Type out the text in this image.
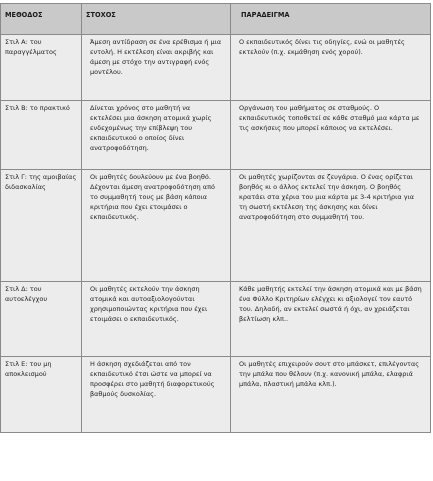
ΜΕΘΟΔΟΣ	ΣΤΟΧΟΣ	ΠΑΡΑΔΕΙΓΜΑ
Στιλ Α: του παραγγέλματος	Άμεση αντίδραση σε ένα ερέθισμα ή μια εντολή. Η εκτέλεση είναι ακριβής και άμεση με στόχο την αντιγραφή ενός μοντέλου.	Ο εκπαιδευτικός δίνει τις οδηγίες, ενώ οι μαθητές εκτελούν (π.χ. εκμάθηση ενός χορού).
Στιλ Β: το πρακτικό	Δίνεται χρόνος στο μαθητή να εκτελέσει μια άσκηση ατομικά χωρίς ενδεχομένως την επίβλεψη του εκπαιδευτικού ο οποίος δίνει ανατροφοδότηση.	Οργάνωση του μαθήματος σε σταθμούς. Ο εκπαιδευτικός τοποθετεί σε κάθε σταθμό μια κάρτα με τις ασκήσεις που μπορεί κάποιος να εκτελέσει.
Στιλ Γ: της αμοιβαίας διδασκαλίας	Οι μαθητές δουλεύουν με ένα βοηθό. Δέχονται άμεση ανατροφοδότηση από το συμμαθητή τους με βάση κάποια κριτήρια που έχει ετοιμάσει ο εκπαιδευτικός.	Οι μαθητές χωρίζονται σε ζευγάρια. Ο ένας ορίζεται βοηθός κι ο άλλος εκτελεί την άσκηση. Ο βοηθός κρατάει στα χέρια του μια κάρτα με 3-4 κριτήρια για τη σωστή εκτέλεση της άσκησης και δίνει ανατροφοδότηση στο συμμαθητή του.
Στιλ Δ: του αυτοελέγχου	Οι μαθητές εκτελούν την άσκηση ατομικά και αυτοαξιολογούνται χρησιμοποιώντας κριτήρια που έχει ετοιμάσει ο εκπαιδευτικός.	Κάθε μαθητής εκτελεί την άσκηση ατομικά και με βάση ένα Φύλλο Κριτηρίων ελέγχει κι αξιολογεί τον εαυτό του. Δηλαδή, αν εκτελεί σωστά ή όχι, αν χρειάζεται βελτίωση κλπ..
Στιλ Ε: του μη αποκλεισμού	Η άσκηση σχεδιάζεται από τον εκπαιδευτικό έτσι ώστε να μπορεί να προσφέρει στο μαθητή διαφορετικούς βαθμούς δυσκολίας.	Οι μαθητές επιχειρούν σουτ στο μπάσκετ, επιλέγοντας την μπάλα που θέλουν (π.χ. κανονική μπάλα, ελαφριά μπάλα, πλαστική μπάλα κλπ.).
